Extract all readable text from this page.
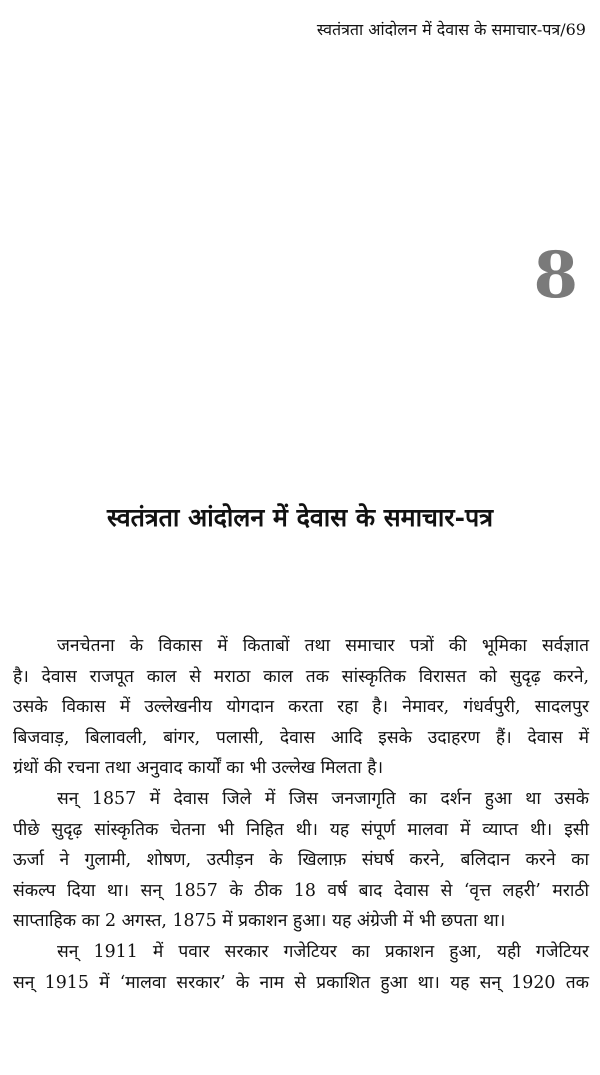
स्वतंत्रता आंदोलन में देवास के समाचार-पत्र/69
8
स्वतंत्रता आंदोलन में देवास के समाचार-पत्र

जनचेतना के विकास में किताबों तथा समाचार पत्रों की भूमिका सर्वज्ञात
है। देवास राजपूत काल से मराठा काल तक सांस्कृतिक विरासत को सुदृढ़ करने,
उसके विकास में उल्लेखनीय योगदान करता रहा है। नेमावर, गंधर्वपुरी, सादलपुर
बिजवाड़, बिलावली, बांगर, पलासी, देवास आदि इसके उदाहरण हैं। देवास में
ग्रंथों की रचना तथा अनुवाद कार्यों का भी उल्लेख मिलता है।

सन् 1857 में देवास जिले में जिस जनजागृति का दर्शन हुआ था उसके
पीछे सुदृढ़ सांस्कृतिक चेतना भी निहित थी। यह संपूर्ण मालवा में व्याप्त थी। इसी
ऊर्जा ने गुलामी, शोषण, उत्पीड़न के खिलाफ़ संघर्ष करने, बलिदान करने का
संकल्प दिया था। सन् 1857 के ठीक 18 वर्ष बाद देवास से ‘वृत्त लहरी’ मराठी
साप्ताहिक का 2 अगस्त, 1875 में प्रकाशन हुआ। यह अंग्रेजी में भी छपता था।

सन् 1911 में पवार सरकार गजेटियर का प्रकाशन हुआ, यही गजेटियर
सन् 1915 में ‘मालवा सरकार’ के नाम से प्रकाशित हुआ था। यह सन् 1920 तक
